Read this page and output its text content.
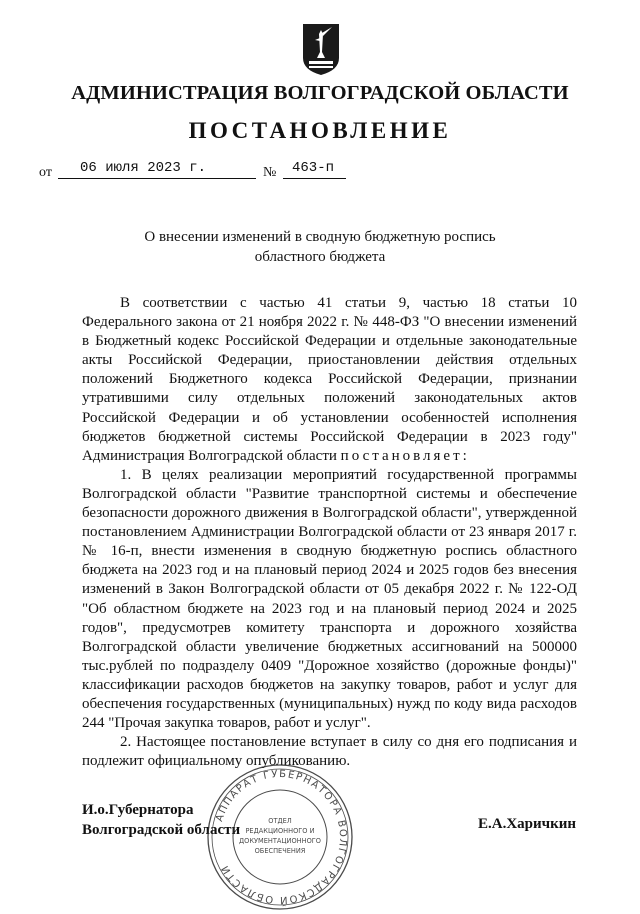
АДМИНИСТРАЦИЯ ВОЛГОГРАДСКОЙ ОБЛАСТИ
ПОСТАНОВЛЕНИЕ
от	06 июля 2023 г.	№	463-п
О внесении изменений в сводную бюджетную роспись
областного бюджета

В соответствии с частью 41 статьи 9, частью 18 статьи 10 Федерального закона от 21 ноября 2022 г. № 448-ФЗ "О внесении изменений в Бюджетный кодекс Российской Федерации и отдельные законодательные акты Российской Федерации, приостановлении действия отдельных положений Бюджетного кодекса Российской Федерации, признании утратившими силу отдельных положений законодательных актов Российской Федерации и об установлении особенностей исполнения бюджетов бюджетной системы Российской Федерации в 2023 году" Администрация Волгоградской области постановляет:

1. В целях реализации мероприятий государственной программы Волгоградской области "Развитие транспортной системы и обеспечение безопасности дорожного движения в Волгоградской области", утвержденной постановлением Администрации Волгоградской области от 23 января 2017 г. № 16-п, внести изменения в сводную бюджетную роспись областного бюджета на 2023 год и на плановый период 2024 и 2025 годов без внесения изменений в Закон Волгоградской области от 05 декабря 2022 г. № 122-ОД "Об областном бюджете на 2023 год и на плановый период 2024 и 2025 годов", предусмотрев комитету транспорта и дорожного хозяйства Волгоградской области увеличение бюджетных ассигнований на 500000 тыс.рублей по подразделу 0409 "Дорожное хозяйство (дорожные фонды)" классификации расходов бюджетов на закупку товаров, работ и услуг для обеспечения государственных (муниципальных) нужд по коду вида расходов 244 "Прочая закупка товаров, работ и услуг".

2. Настоящее постановление вступает в силу со дня его подписания и подлежит официальному опубликованию.

И.о.Губернатора
Волгоградской области	Е.А.Харичкин
АППАРАТ ГУБЕРНАТОРА ВОЛГОГРАДСКОЙ ОБЛАСТИ
ОТДЕЛ
РЕДАКЦИОННОГО И
ДОКУМЕНТАЦИОННОГО
ОБЕСПЕЧЕНИЯ
